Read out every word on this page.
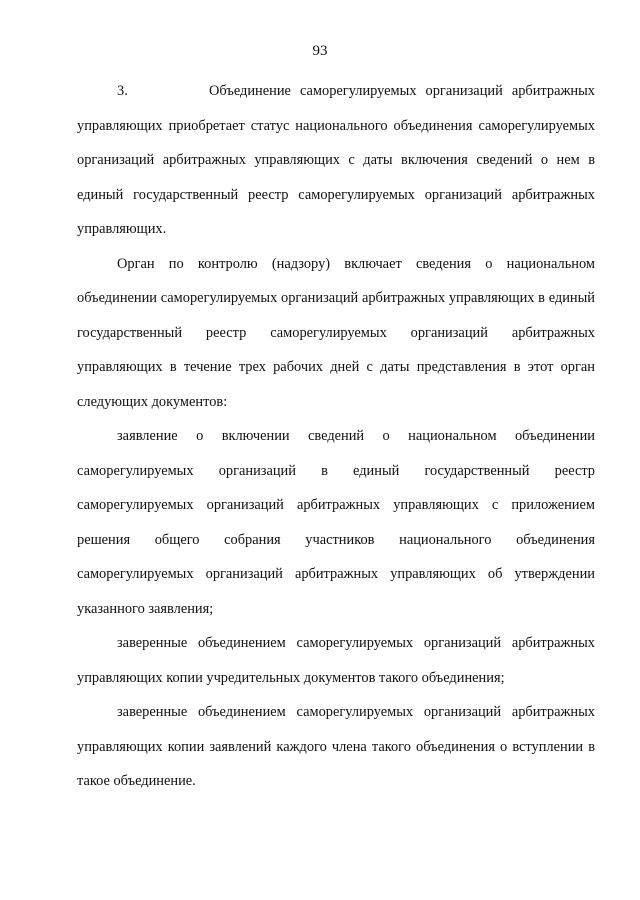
93

3.         Объединение саморегулируемых организаций арбитражных управляющих приобретает статус национального объединения саморегулируемых организаций арбитражных управляющих с даты включения сведений о нем в единый государственный реестр саморегулируемых организаций арбитражных управляющих.

Орган по контролю (надзору) включает сведения о национальном объединении саморегулируемых организаций арбитражных управляющих в единый государственный реестр саморегулируемых организаций арбитражных управляющих в течение трех рабочих дней с даты представления в этот орган следующих документов:

заявление о включении сведений о национальном объединении саморегулируемых организаций в единый государственный реестр саморегулируемых организаций арбитражных управляющих с приложением решения общего собрания участников национального объединения саморегулируемых организаций арбитражных управляющих об утверждении указанного заявления;

заверенные объединением саморегулируемых организаций арбитражных управляющих копии учредительных документов такого объединения;

заверенные объединением саморегулируемых организаций арбитражных управляющих копии заявлений каждого члена такого объединения о вступлении в такое объединение.
